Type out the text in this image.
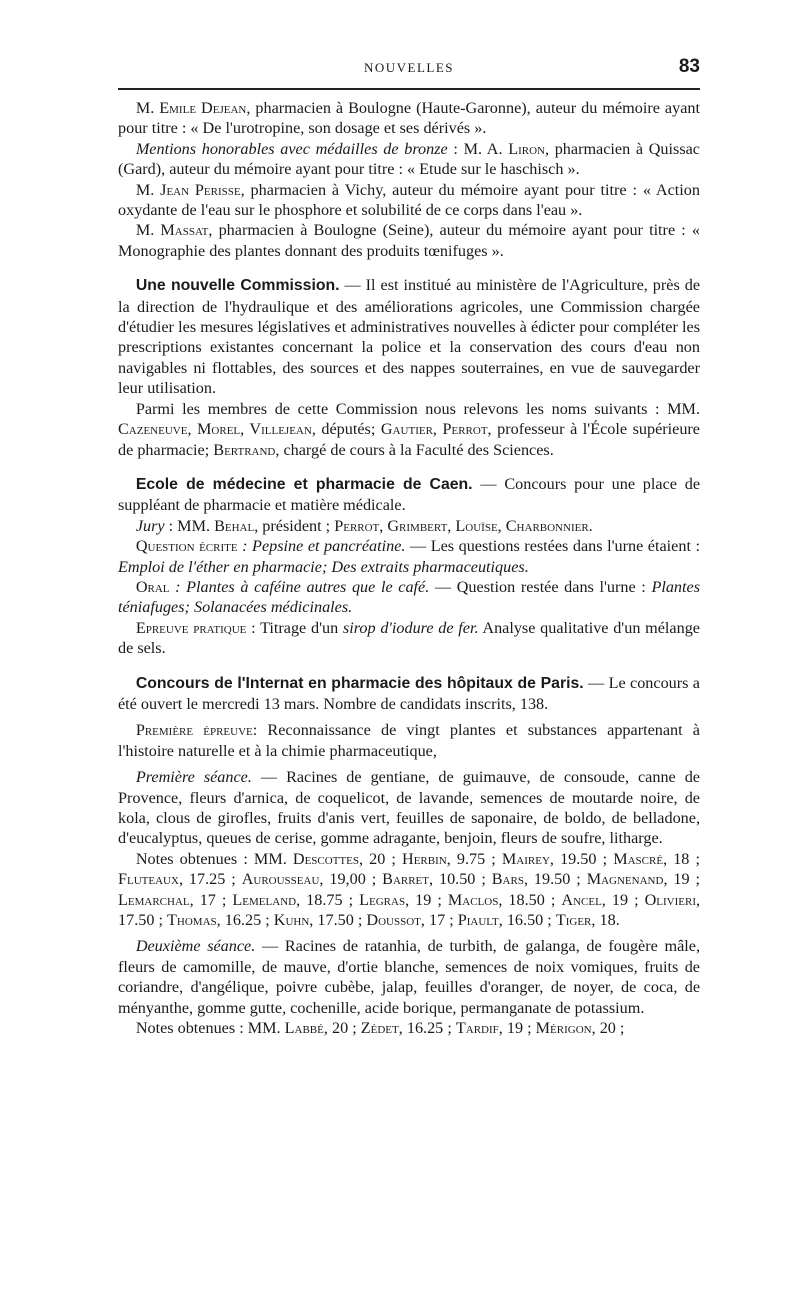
NOUVELLES	83

M. Emile Dejean, pharmacien à Boulogne (Haute-Garonne), auteur du mémoire ayant pour titre : « De l'urotropine, son dosage et ses dérivés ».

Mentions honorables avec médailles de bronze : M. A. Liron, pharmacien à Quissac (Gard), auteur du mémoire ayant pour titre : « Etude sur le haschisch ».

M. Jean Perisse, pharmacien à Vichy, auteur du mémoire ayant pour titre : « Action oxydante de l'eau sur le phosphore et solubilité de ce corps dans l'eau ».

M. Massat, pharmacien à Boulogne (Seine), auteur du mémoire ayant pour titre : « Monographie des plantes donnant des produits tœnifuges ».

Une nouvelle Commission. — Il est institué au ministère de l'Agriculture, près de la direction de l'hydraulique et des améliorations agricoles, une Commission chargée d'étudier les mesures législatives et administratives nouvelles à édicter pour compléter les prescriptions existantes concernant la police et la conservation des cours d'eau non navigables ni flottables, des sources et des nappes souterraines, en vue de sauvegarder leur utilisation.

Parmi les membres de cette Commission nous relevons les noms suivants : MM. Cazeneuve, Morel, Villejean, députés; Gautier, Perrot, professeur à l'École supérieure de pharmacie; Bertrand, chargé de cours à la Faculté des Sciences.

Ecole de médecine et pharmacie de Caen. — Concours pour une place de suppléant de pharmacie et matière médicale.

Jury : MM. Behal, président ; Perrot, Grimbert, Louïse, Charbonnier.

Question écrite : Pepsine et pancréatine. — Les questions restées dans l'urne étaient : Emploi de l'éther en pharmacie; Des extraits pharmaceutiques.

Oral : Plantes à caféine autres que le café. — Question restée dans l'urne : Plantes téniafuges; Solanacées médicinales.

Epreuve pratique : Titrage d'un sirop d'iodure de fer. Analyse qualitative d'un mélange de sels.

Concours de l'Internat en pharmacie des hôpitaux de Paris. — Le concours a été ouvert le mercredi 13 mars. Nombre de candidats inscrits, 138.

Première épreuve: Reconnaissance de vingt plantes et substances appartenant à l'histoire naturelle et à la chimie pharmaceutique,

Première séance. — Racines de gentiane, de guimauve, de consoude, canne de Provence, fleurs d'arnica, de coquelicot, de lavande, semences de moutarde noire, de kola, clous de girofles, fruits d'anis vert, feuilles de saponaire, de boldo, de belladone, d'eucalyptus, queues de cerise, gomme adragante, benjoin, fleurs de soufre, litharge.

Notes obtenues : MM. Descottes, 20 ; Herbin, 9.75 ; Mairey, 19.50 ; Mascré, 18 ; Fluteaux, 17.25 ; Aurousseau, 19,00 ; Barret, 10.50 ; Bars, 19.50 ; Magnenand, 19 ; Lemarchal, 17 ; Lemeland, 18.75 ; Legras, 19 ; Maclos, 18.50 ; Ancel, 19 ; Olivieri, 17.50 ; Thomas, 16.25 ; Kuhn, 17.50 ; Doussot, 17 ; Piault, 16.50 ; Tiger, 18.

Deuxième séance. — Racines de ratanhia, de turbith, de galanga, de fougère mâle, fleurs de camomille, de mauve, d'ortie blanche, semences de noix vomiques, fruits de coriandre, d'angélique, poivre cubèbe, jalap, feuilles d'oranger, de noyer, de coca, de ményanthe, gomme gutte, cochenille, acide borique, permanganate de potassium.

Notes obtenues : MM. Labbé, 20 ; Zédet, 16.25 ; Tardif, 19 ; Mérigon, 20 ;
